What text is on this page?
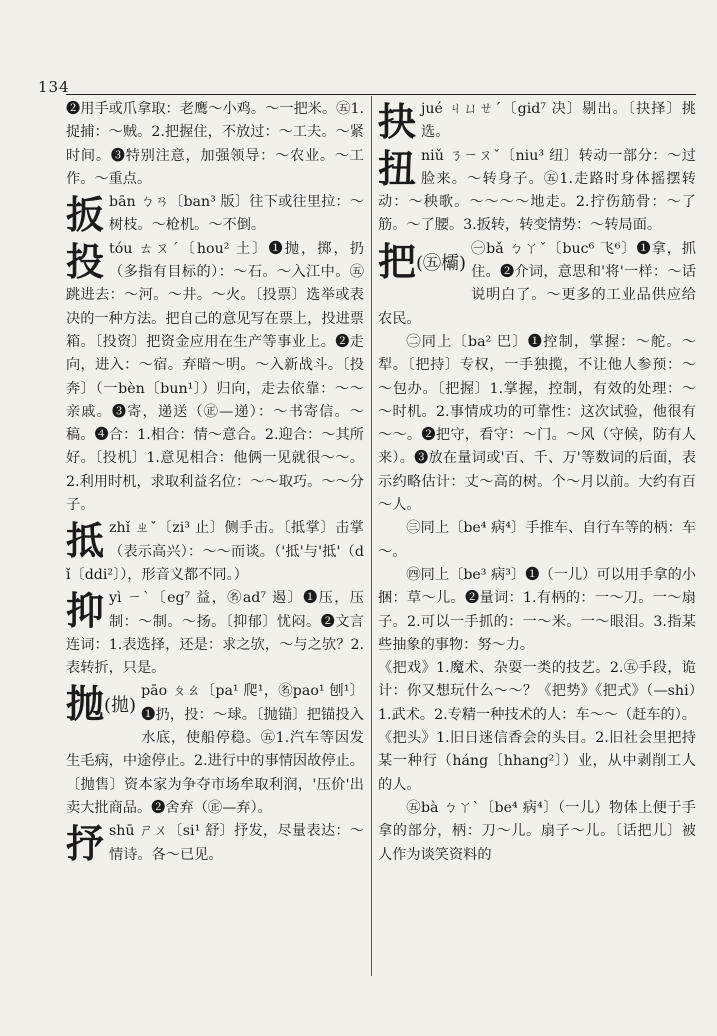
134

❷用手或爪拿取：老鹰～小鸡。～一把米。㊄1.捉捕：～贼。2.把握住，不放过：～工夫。～紧时间。❸特别注意，加强领导：～农业。～工作。～重点。

扳 bān ㄅㄢ〔ban³ 版〕往下或往里拉：～树枝。～枪机。～不倒。
投 tóu ㄊㄡˊ〔hou² 土〕❶抛，掷，扔（多指有目标的）：～石。～入江中。㊄跳进去：～河。～井。～火。〔投票〕选举或表决的一种方法。把自己的意见写在票上，投进票箱。〔投资〕把资金应用在生产等事业上。❷走向，进入：～宿。弃暗～明。～入新战斗。〔投奔〕（一bèn〔bun¹〕）归向，走去依靠：～～亲戚。❸寄，递送（㊣—递）：～书寄信。～稿。❹合：1.相合：情～意合。2.迎合：～其所好。〔投机〕1.意见相合：他俩一见就很～～。2.利用时机，求取利益名位：～～取巧。～～分子。
抵 zhǐ ㄓˇ〔zi³ 止〕侧手击。〔抵掌〕击掌（表示高兴）：～～而谈。（'抵'与'抵'（dǐ〔ddi²〕），形音义都不同。）
抑 yì ㄧˋ〔eg⁷ 益，㊔ad⁷ 遏〕❶压，压制：～制。～扬。〔抑郁〕忧闷。❷文言连词：1.表选择，还是：求之欤，～与之欤？2.表转折，只是。
抛(拋)
pāo ㄆㄠ〔pa¹ 爬¹，㊔pao¹ 刨¹〕❶扔，投：～球。〔抛锚〕把锚投入水底，使船停稳。㊄1.汽车等因发生毛病，中途停止。2.进行中的事情因故停止。〔抛售〕资本家为争夺市场牟取利润，'压价'出卖大批商品。❷舍弃（㊣—弃）。
抒 shū ㄕㄨ〔si¹ 舒〕抒发，尽量表达：～情诗。各～已见。
抉 jué ㄐㄩㄝˊ〔gid⁷ 决〕剔出。〔抉择〕挑选。
扭 niǔ ㄋㄧㄡˇ〔niu³ 纽〕转动一部分：～过脸来。～转身子。㊄1.走路时身体摇摆转动：～秧歌。～～～～地走。2.拧伤筋骨：～了筋。～了腰。3.扳转，转变情势：～转局面。
把(㊄欛)
㊀bǎ ㄅㄚˇ〔buc⁶ 飞⁶〕❶拿，抓住。❷介词，意思和'将'一样：～话说明白了。～更多的工业品供应给农民。

㊁同上〔ba² 巴〕❶控制，掌握：～舵。～犁。〔把持〕专权，一手独揽，不让他人参预：～～包办。〔把握〕1.掌握，控制，有效的处理：～～时机。2.事情成功的可靠性：这次试验，他很有～～。❷把守，看守：～门。～风（守候，防有人来）。❸放在量词或'百、千、万'等数词的后面，表示约略估计：丈～高的树。个～月以前。大约有百～人。

㊂同上〔be⁴ 病⁴〕手推车、自行车等的柄：车～。

㊃同上〔be³ 病³〕❶（一儿）可以用手拿的小捆：草～儿。❷量词：1.有柄的：一～刀。一～扇子。2.可以一手抓的：一～米。一～眼泪。3.指某些抽象的事物：努～力。

《把戏》1.魔术、杂耍一类的技艺。2.㊄手段，诡计：你又想玩什么～～？《把势》《把式》（—shi）1.武术。2.专精一种技术的人：车～～（赶车的）。《把头》1.旧日迷信香会的头目。2.旧社会里把持某一种行（háng〔hhang²〕）业，从中剥削工人的人。

㊄bà ㄅㄚˋ〔be⁴ 病⁴〕（一儿）物体上便于手拿的部分，柄：刀～儿。扇子～儿。〔话把儿〕被人作为谈笑资料的
